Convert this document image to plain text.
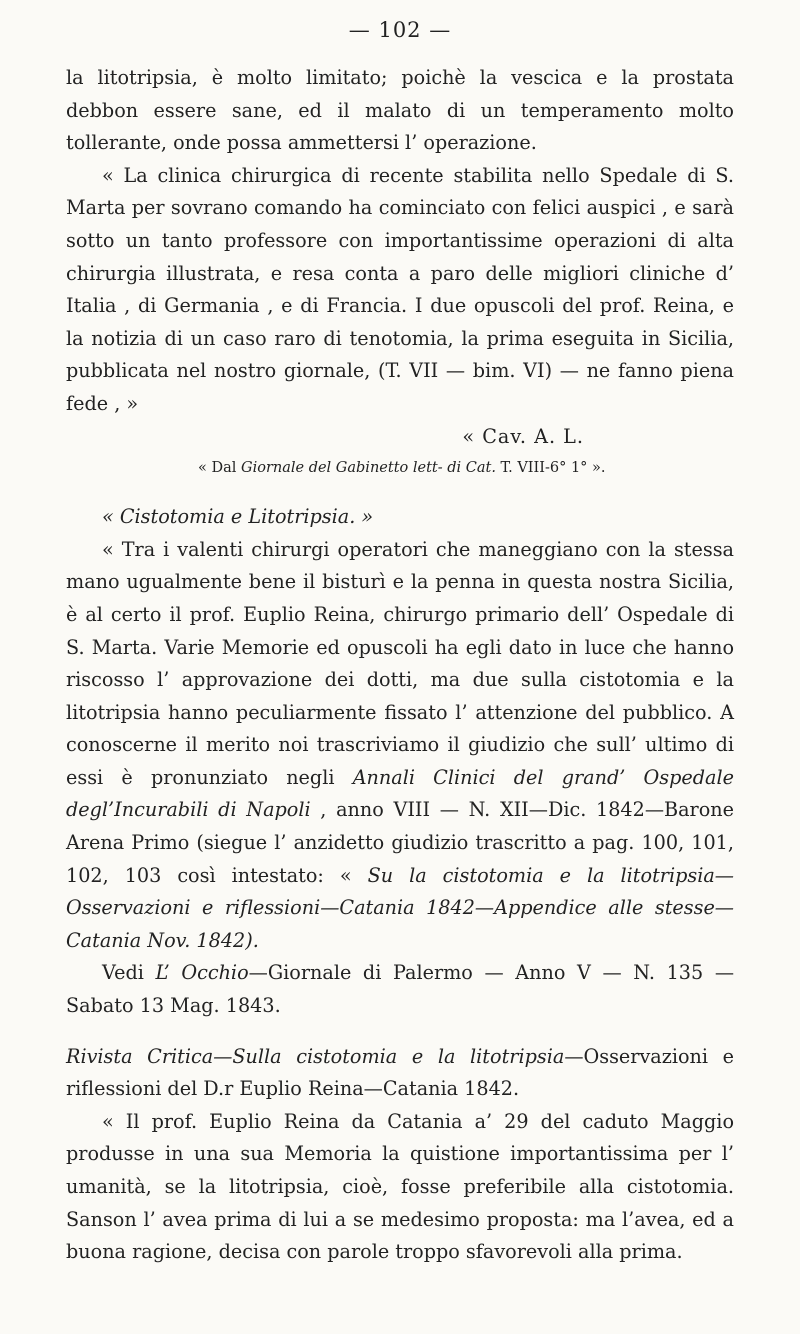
— 102 —

la litotripsia, è molto limitato; poichè la vescica e la prostata debbon essere sane, ed il malato di un temperamento molto tollerante, onde possa ammettersi l’ operazione.

« La clinica chirurgica di recente stabilita nello Spedale di S. Marta per sovrano comando ha cominciato con felici auspici , e sarà sotto un tanto professore con importantissime operazioni di alta chirurgia illustrata, e resa conta a paro delle migliori cliniche d’ Italia , di Germania , e di Francia. I due opuscoli del prof. Reina, e la notizia di un caso raro di tenotomia, la prima eseguita in Sicilia, pubblicata nel nostro giornale, (T. VII — bim. VI) — ne fanno piena fede , »

« Cav. A. L.

« Dal Giornale del Gabinetto lett- di Cat. T. VIII-6° 1° ».

« Cistotomia e Litotripsia. »

« Tra i valenti chirurgi operatori che maneggiano con la stessa mano ugualmente bene il bisturì e la penna in questa nostra Sicilia, è al certo il prof. Euplio Reina, chirurgo primario dell’ Ospedale di S. Marta. Varie Memorie ed opuscoli ha egli dato in luce che hanno riscosso l’ approvazione dei dotti, ma due sulla cistotomia e la litotripsia hanno peculiarmente fissato l’ attenzione del pubblico. A conoscerne il merito noi trascriviamo il giudizio che sull’ ultimo di essi è pronunziato negli Annali Clinici del grand’ Ospedale degl’Incurabili di Napoli , anno VIII — N. XII—Dic. 1842—Barone Arena Primo (siegue l’ anzidetto giudizio trascritto a pag. 100, 101, 102, 103 così intestato: « Su la cistotomia e la litotripsia—Osservazioni e riflessioni—Catania 1842—Appendice alle stesse— Catania Nov. 1842).

Vedi L’ Occhio—Giornale di Palermo — Anno V — N. 135 — Sabato 13 Mag. 1843.

Rivista Critica—Sulla cistotomia e la litotripsia—Osservazioni e riflessioni del D.r Euplio Reina—Catania 1842.

« Il prof. Euplio Reina da Catania a’ 29 del caduto Maggio produsse in una sua Memoria la quistione importantissima per l’ umanità, se la litotripsia, cioè, fosse preferibile alla cistotomia. Sanson l’ avea prima di lui a se medesimo proposta: ma l’avea, ed a buona ragione, decisa con parole troppo sfavorevoli alla prima.
